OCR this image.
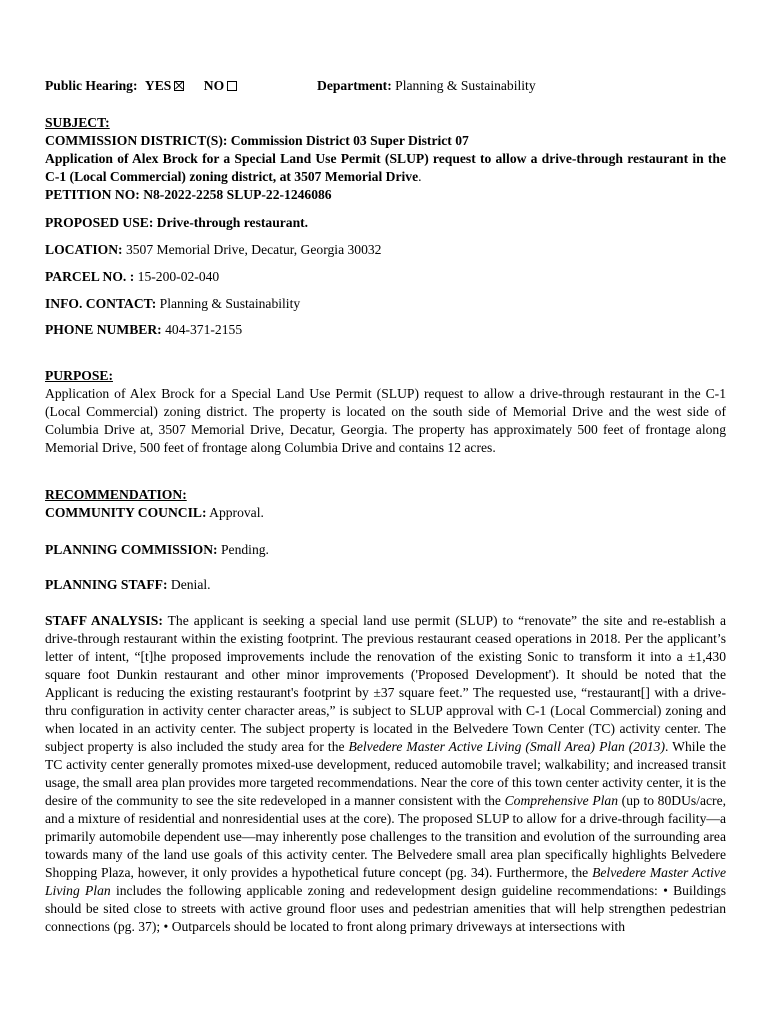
Public Hearing: YES NO	Department: Planning & Sustainability

SUBJECT:

COMMISSION DISTRICT(S): Commission District 03 Super District 07

Application of Alex Brock for a Special Land Use Permit (SLUP) request to allow a drive-through restaurant in the C-1 (Local Commercial) zoning district, at 3507 Memorial Drive.

PETITION NO: N8-2022-2258 SLUP-22-1246086

PROPOSED USE: Drive-through restaurant.
LOCATION: 3507 Memorial Drive, Decatur, Georgia 30032
PARCEL NO. : 15-200-02-040
INFO. CONTACT: Planning & Sustainability
PHONE NUMBER: 404-371-2155

PURPOSE:

Application of Alex Brock for a Special Land Use Permit (SLUP) request to allow a drive-through restaurant in the C-1 (Local Commercial) zoning district. The property is located on the south side of Memorial Drive and the west side of Columbia Drive at, 3507 Memorial Drive, Decatur, Georgia. The property has approximately 500 feet of frontage along Memorial Drive, 500 feet of frontage along Columbia Drive and contains 12 acres.

RECOMMENDATION:

COMMUNITY COUNCIL: Approval.

PLANNING COMMISSION: Pending.
PLANNING STAFF: Denial.
STAFF ANALYSIS: The applicant is seeking a special land use permit (SLUP) to “renovate” the site and re-establish a drive-through restaurant within the existing footprint. The previous restaurant ceased operations in 2018. Per the applicant’s letter of intent, “[t]he proposed improvements include the renovation of the existing Sonic to transform it into a ±1,430 square foot Dunkin restaurant and other minor improvements ('Proposed Development'). It should be noted that the Applicant is reducing the existing restaurant's footprint by ±37 square feet.” The requested use, “restaurant[] with a drive-thru configuration in activity center character areas,” is subject to SLUP approval with C-1 (Local Commercial) zoning and when located in an activity center. The subject property is located in the Belvedere Town Center (TC) activity center. The subject property is also included the study area for the Belvedere Master Active Living (Small Area) Plan (2013). While the TC activity center generally promotes mixed-use development, reduced automobile travel; walkability; and increased transit usage, the small area plan provides more targeted recommendations. Near the core of this town center activity center, it is the desire of the community to see the site redeveloped in a manner consistent with the Comprehensive Plan (up to 80DUs/acre, and a mixture of residential and nonresidential uses at the core). The proposed SLUP to allow for a drive-through facility—a primarily automobile dependent use—may inherently pose challenges to the transition and evolution of the surrounding area towards many of the land use goals of this activity center. The Belvedere small area plan specifically highlights Belvedere Shopping Plaza, however, it only provides a hypothetical future concept (pg. 34). Furthermore, the Belvedere Master Active Living Plan includes the following applicable zoning and redevelopment design guideline recommendations: • Buildings should be sited close to streets with active ground floor uses and pedestrian amenities that will help strengthen pedestrian connections (pg. 37); • Outparcels should be located to front along primary driveways at intersections with
